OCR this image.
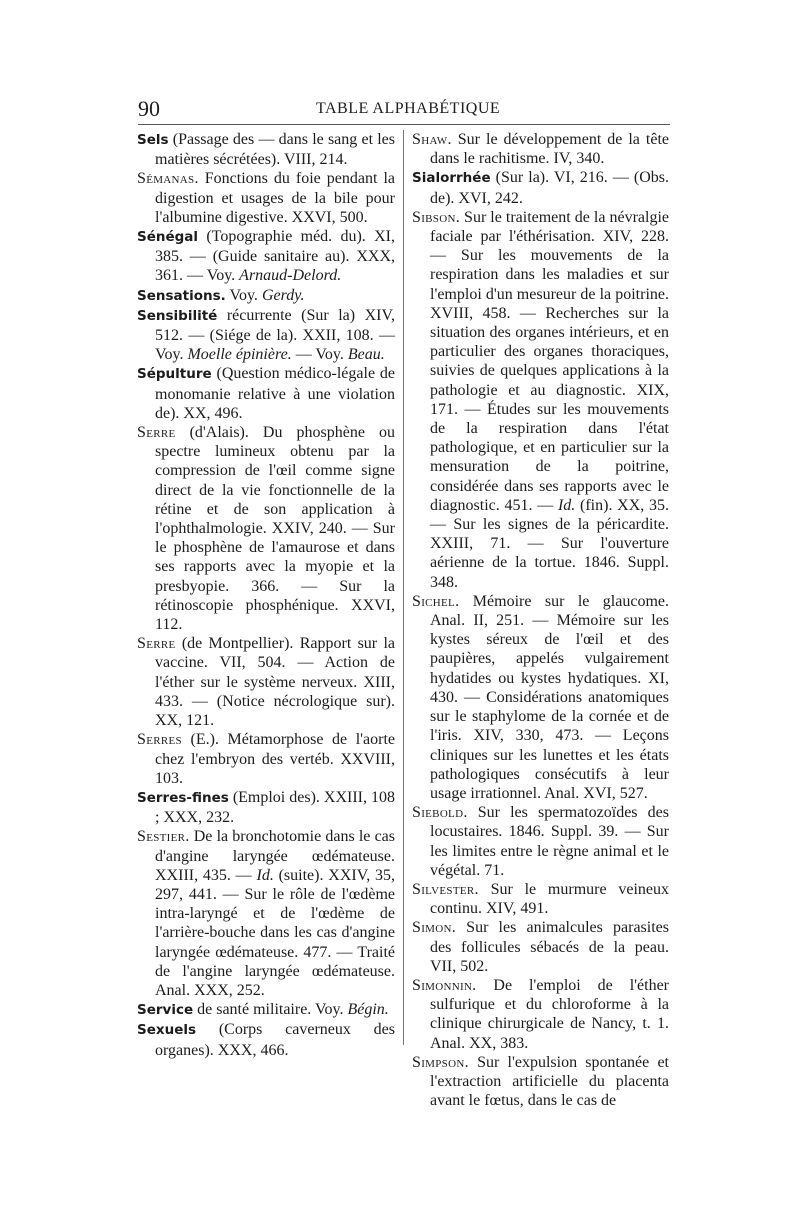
90	TABLE ALPHABÉTIQUE

Sels (Passage des — dans le sang et les matières sécrétées). VIII, 214.

Sémanas. Fonctions du foie pendant la digestion et usages de la bile pour l'albumine digestive. XXVI, 500.

Sénégal (Topographie méd. du). XI, 385. — (Guide sanitaire au). XXX, 361. — Voy. Arnaud-Delord.

Sensations. Voy. Gerdy.

Sensibilité récurrente (Sur la) XIV, 512. — (Siége de la). XXII, 108. — Voy. Moelle épinière. — Voy. Beau.

Sépulture (Question médico-légale de monomanie relative à une violation de). XX, 496.

Serre (d'Alais). Du phosphène ou spectre lumineux obtenu par la compression de l'œil comme signe direct de la vie fonctionnelle de la rétine et de son application à l'ophthalmologie. XXIV, 240. — Sur le phosphène de l'amaurose et dans ses rapports avec la myopie et la presbyopie. 366. — Sur la rétinoscopie phosphénique. XXVI, 112.

Serre (de Montpellier). Rapport sur la vaccine. VII, 504. — Action de l'éther sur le système nerveux. XIII, 433. — (Notice nécrologique sur). XX, 121.

Serres (E.). Métamorphose de l'aorte chez l'embryon des vertéb. XXVIII, 103.

Serres-fines (Emploi des). XXIII, 108 ; XXX, 232.

Sestier. De la bronchotomie dans le cas d'angine laryngée œdémateuse. XXIII, 435. — Id. (suite). XXIV, 35, 297, 441. — Sur le rôle de l'œdème intra-laryngé et de l'œdème de l'arrière-bouche dans les cas d'angine laryngée œdémateuse. 477. — Traité de l'angine laryngée œdémateuse. Anal. XXX, 252.

Service de santé militaire. Voy. Bégin.

Sexuels (Corps caverneux des organes). XXX, 466.

Shaw. Sur le développement de la tête dans le rachitisme. IV, 340.

Sialorrhée (Sur la). VI, 216. — (Obs. de). XVI, 242.

Sibson. Sur le traitement de la névralgie faciale par l'éthérisation. XIV, 228. — Sur les mouvements de la respiration dans les maladies et sur l'emploi d'un mesureur de la poitrine. XVIII, 458. — Recherches sur la situation des organes intérieurs, et en particulier des organes thoraciques, suivies de quelques applications à la pathologie et au diagnostic. XIX, 171. — Études sur les mouvements de la respiration dans l'état pathologique, et en particulier sur la mensuration de la poitrine, considérée dans ses rapports avec le diagnostic. 451. — Id. (fin). XX, 35. — Sur les signes de la péricardite. XXIII, 71. — Sur l'ouverture aérienne de la tortue. 1846. Suppl. 348.

Sichel. Mémoire sur le glaucome. Anal. II, 251. — Mémoire sur les kystes séreux de l'œil et des paupières, appelés vulgairement hydatides ou kystes hydatiques. XI, 430. — Considérations anatomiques sur le staphylome de la cornée et de l'iris. XIV, 330, 473. — Leçons cliniques sur les lunettes et les états pathologiques consécutifs à leur usage irrationnel. Anal. XVI, 527.

Siebold. Sur les spermatozoïdes des locustaires. 1846. Suppl. 39. — Sur les limites entre le règne animal et le végétal. 71.

Silvester. Sur le murmure veineux continu. XIV, 491.

Simon. Sur les animalcules parasites des follicules sébacés de la peau. VII, 502.

Simonnin. De l'emploi de l'éther sulfurique et du chloroforme à la clinique chirurgicale de Nancy, t. 1. Anal. XX, 383.

Simpson. Sur l'expulsion spontanée et l'extraction artificielle du placenta avant le fœtus, dans le cas de
